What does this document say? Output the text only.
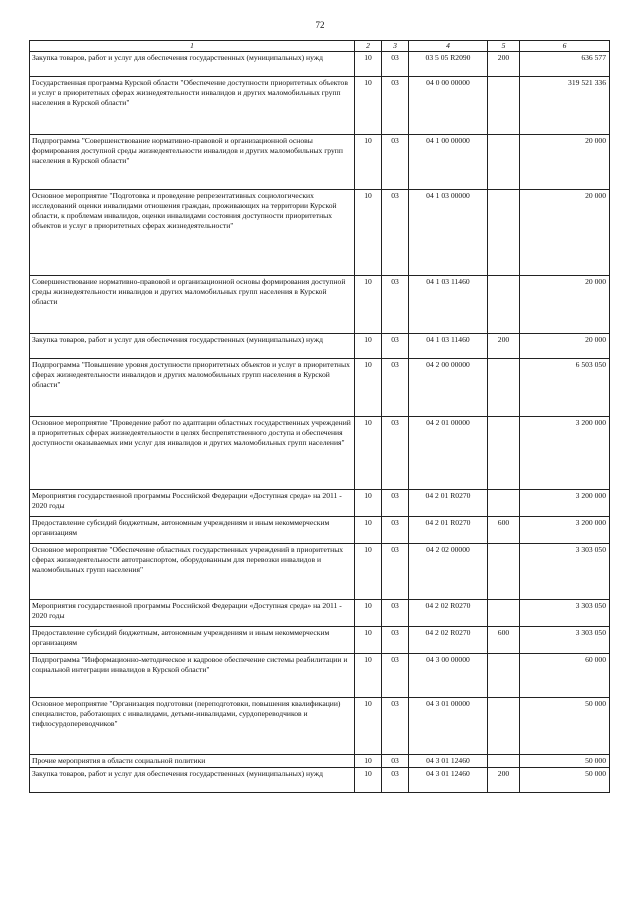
72
1	2	3	4	5	6
Закупка товаров, работ и услуг для обеспечения государственных (муниципальных) нужд	10	03	03 5 05 R2090	200	636 577
Государственная программа Курской области "Обеспечение доступности приоритетных объектов и услуг в приоритетных сферах жизнедеятельности инвалидов и других маломобильных групп населения в Курской области"	10	03	04 0 00 00000		319 521 336
Подпрограмма "Совершенствование нормативно-правовой и организационной основы формирования доступной среды жизнедеятельности инвалидов и других маломобильных групп населения в Курской области"	10	03	04 1 00 00000		20 000
Основное мероприятие "Подготовка и проведение репрезентативных социологических исследований оценки инвалидами отношения граждан, проживающих на территории Курской области, к проблемам инвалидов, оценки инвалидами состояния доступности приоритетных объектов и услуг в приоритетных сферах жизнедеятельности"	10	03	04 1 03 00000		20 000
Совершенствование нормативно-правовой и организационной основы формирования доступной среды жизнедеятельности инвалидов и других маломобильных групп населения в Курской области	10	03	04 1 03 11460		20 000
Закупка товаров, работ и услуг для обеспечения государственных (муниципальных) нужд	10	03	04 1 03 11460	200	20 000
Подпрограмма "Повышение уровня доступности приоритетных объектов и услуг в приоритетных сферах жизнедеятельности инвалидов и других маломобильных групп населения в Курской области"	10	03	04 2 00 00000		6 503 050
Основное мероприятие "Проведение работ по адаптации областных государственных учреждений в приоритетных сферах жизнедеятельности в целях беспрепятственного доступа и обеспечения доступности оказываемых ими услуг для инвалидов и других маломобильных групп населения"	10	03	04 2 01 00000		3 200 000
Мероприятия государственной программы Российской Федерации «Доступная среда» на 2011 - 2020 годы	10	03	04 2 01 R0270		3 200 000
Предоставление субсидий бюджетным, автономным учреждениям и иным некоммерческим организациям	10	03	04 2 01 R0270	600	3 200 000
Основное мероприятие "Обеспечение областных государственных учреждений в приоритетных сферах жизнедеятельности автотранспортом, оборудованным для перевозки инвалидов и маломобильных групп населения"	10	03	04 2 02 00000		3 303 050
Мероприятия государственной программы Российской Федерации «Доступная среда» на 2011 - 2020 годы	10	03	04 2 02 R0270		3 303 050
Предоставление субсидий бюджетным, автономным учреждениям и иным некоммерческим организациям	10	03	04 2 02 R0270	600	3 303 050
Подпрограмма "Информационно-методическое и кадровое обеспечение системы реабилитации и социальной интеграции инвалидов в Курской области"	10	03	04 3 00 00000		60 000
Основное мероприятие "Организация подготовки (переподготовки, повышения квалификации) специалистов, работающих с инвалидами, детьми-инвалидами, сурдопереводчиков и тифлосурдопереводчиков"	10	03	04 3 01 00000		50 000
Прочие мероприятия в области социальной политики	10	03	04 3 01 12460		50 000
Закупка товаров, работ и услуг для обеспечения государственных (муниципальных) нужд	10	03	04 3 01 12460	200	50 000
